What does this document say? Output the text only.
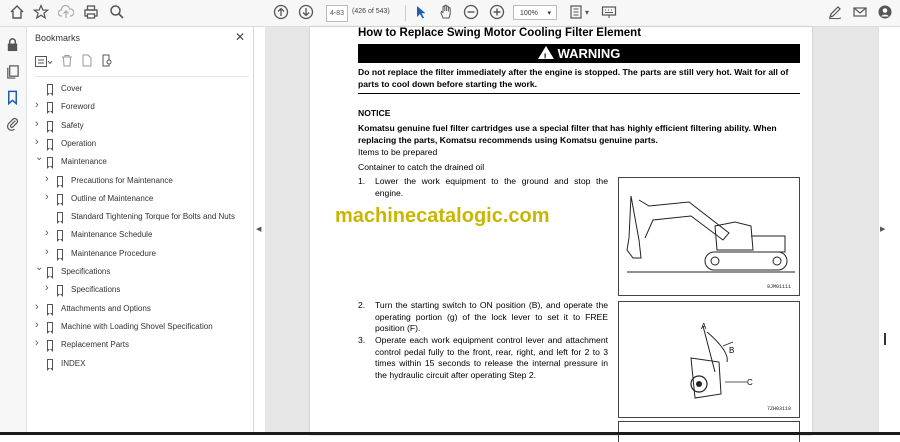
4-83	(426 of 543)	100% ▾	▾
Bookmarks	✕
Cover
›	Foreword
›	Safety
›	Operation
⌄ Maintenance
›	Precautions for Maintenance
›	Outline of Maintenance
Standard Tightening Torque for Bolts and Nuts
›	Maintenance Schedule
›	Maintenance Procedure
⌄ Specifications
›	Specifications
›	Attachments and Options
›	Machine with Loading Shovel Specification
›	Replacement Parts
INDEX
◀
How to Replace Swing Motor Cooling Filter Element
!WARNING
Do not replace the filter immediately after the engine is stopped. The parts are still very hot. Wait for all of parts to cool down before starting the work.
NOTICE
Komatsu genuine fuel filter cartridges use a special filter that has highly efficient filtering ability. When replacing the parts, Komatsu recommends using Komatsu genuine parts.
Items to be prepared
Container to catch the drained oil
1. Lower the work equipment to the ground and stop the engine.
2. Turn the starting switch to ON position (B), and operate the operating portion (g) of the lock lever to set it to FREE position (F).
3. Operate each work equipment control lever and attachment control pedal fully to the front, rear, right, and left for 2 to 3 times within 15 seconds to release the internal pressure in the hydraulic circuit after operating Step 2.
9JM01111
A
B
C
7ZH03110
machinecatalogic.com
▶
